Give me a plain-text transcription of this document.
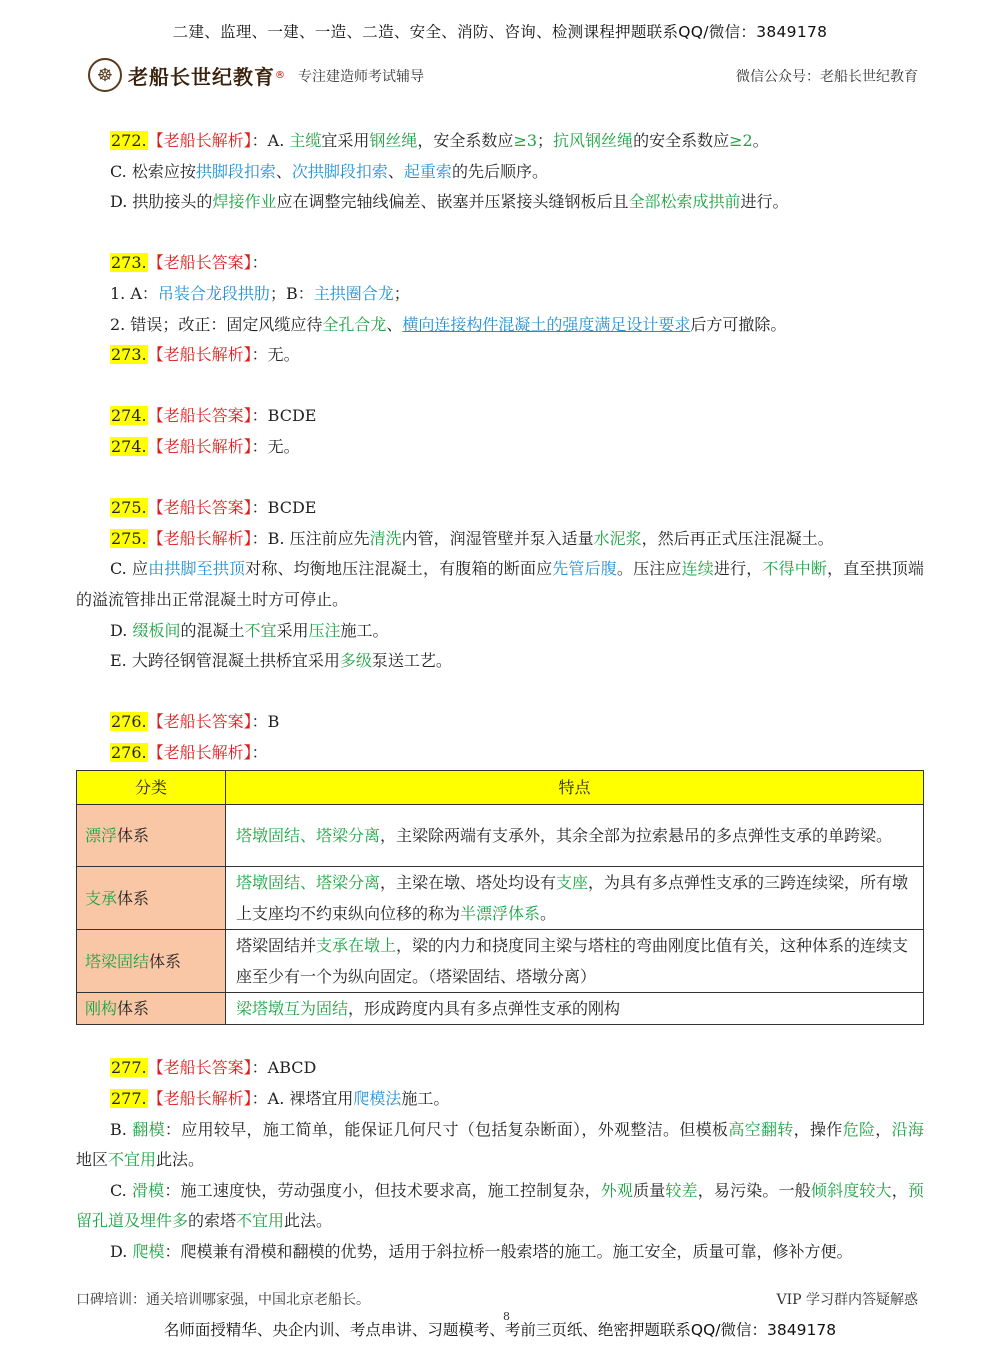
二建、监理、一建、一造、二造、安全、消防、咨询、检测课程押题联系QQ/微信：3849178
☸ 老船长世纪教育 ® 专注建造师考试辅导	微信公众号：老船长世纪教育

272.【老船长解析】：A. 主缆宜采用钢丝绳，安全系数应≥3；抗风钢丝绳的安全系数应≥2。

C. 松索应按拱脚段扣索、次拱脚段扣索、起重索的先后顺序。

D. 拱肋接头的焊接作业应在调整完轴线偏差、嵌塞并压紧接头缝钢板后且全部松索成拱前进行。

273.【老船长答案】：

1. A：吊装合龙段拱肋；B：主拱圈合龙；

2. 错误；改正：固定风缆应待全孔合龙、横向连接构件混凝土的强度满足设计要求后方可撤除。

273.【老船长解析】：无。

274.【老船长答案】：BCDE

274.【老船长解析】：无。

275.【老船长答案】：BCDE

275.【老船长解析】：B. 压注前应先清洗内管，润湿管壁并泵入适量水泥浆，然后再正式压注混凝土。

C. 应由拱脚至拱顶对称、均衡地压注混凝土，有腹箱的断面应先管后腹。压注应连续进行，不得中断，直至拱顶端的溢流管排出正常混凝土时方可停止。

D. 缀板间的混凝土不宜采用压注施工。

E. 大跨径钢管混凝土拱桥宜采用多级泵送工艺。

276.【老船长答案】：B

276.【老船长解析】：

分类	特点
漂浮体系	塔墩固结、塔梁分离，主梁除两端有支承外，其余全部为拉索悬吊的多点弹性支承的单跨梁。
支承体系	塔墩固结、塔梁分离，主梁在墩、塔处均设有支座，为具有多点弹性支承的三跨连续梁，所有墩上支座均不约束纵向位移的称为半漂浮体系。
塔梁固结体系	塔梁固结并支承在墩上，梁的内力和挠度同主梁与塔柱的弯曲刚度比值有关，这种体系的连续支座至少有一个为纵向固定。（塔梁固结、塔墩分离）
刚构体系	梁塔墩互为固结，形成跨度内具有多点弹性支承的刚构

277.【老船长答案】：ABCD

277.【老船长解析】：A. 裸塔宜用爬模法施工。

B. 翻模：应用较早，施工简单，能保证几何尺寸（包括复杂断面），外观整洁。但模板高空翻转，操作危险，沿海地区不宜用此法。

C. 滑模：施工速度快，劳动强度小，但技术要求高，施工控制复杂，外观质量较差，易污染。一般倾斜度较大，预留孔道及埋件多的索塔不宜用此法。

D. 爬模：爬模兼有滑模和翻模的优势，适用于斜拉桥一般索塔的施工。施工安全，质量可靠，修补方便。

口碑培训：通关培训哪家强，中国北京老船长。	VIP 学习群内答疑解惑
8
名师面授精华、央企内训、考点串讲、习题模考、考前三页纸、绝密押题联系QQ/微信：3849178
